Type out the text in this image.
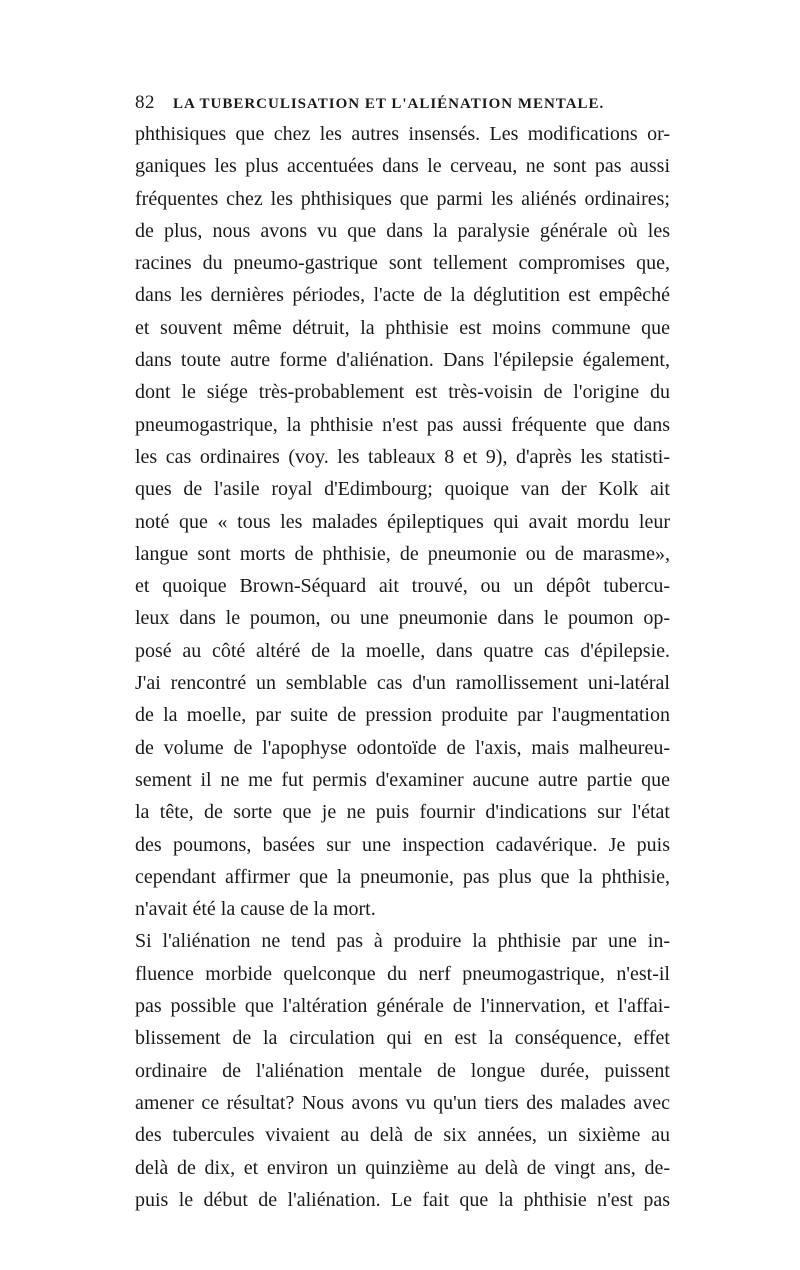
82 LA TUBERCULISATION ET L'ALIÉNATION MENTALE.
phthisiques que chez les autres insensés. Les modifications or-
ganiques les plus accentuées dans le cerveau, ne sont pas aussi
fréquentes chez les phthisiques que parmi les aliénés ordinaires;
de plus, nous avons vu que dans la paralysie générale où les
racines du pneumo-gastrique sont tellement compromises que,
dans les dernières périodes, l'acte de la déglutition est empêché
et souvent même détruit, la phthisie est moins commune que
dans toute autre forme d'aliénation. Dans l'épilepsie également,
dont le siége très-probablement est très-voisin de l'origine du
pneumogastrique, la phthisie n'est pas aussi fréquente que dans
les cas ordinaires (voy. les tableaux 8 et 9), d'après les statisti-
ques de l'asile royal d'Edimbourg; quoique van der Kolk ait
noté que « tous les malades épileptiques qui avait mordu leur
langue sont morts de phthisie, de pneumonie ou de marasme»,
et quoique Brown-Séquard ait trouvé, ou un dépôt tubercu-
leux dans le poumon, ou une pneumonie dans le poumon op-
posé au côté altéré de la moelle, dans quatre cas d'épilepsie.
J'ai rencontré un semblable cas d'un ramollissement uni-latéral
de la moelle, par suite de pression produite par l'augmentation
de volume de l'apophyse odontoïde de l'axis, mais malheureu-
sement il ne me fut permis d'examiner aucune autre partie que
la tête, de sorte que je ne puis fournir d'indications sur l'état
des poumons, basées sur une inspection cadavérique. Je puis
cependant affirmer que la pneumonie, pas plus que la phthisie,
n'avait été la cause de la mort.
Si l'aliénation ne tend pas à produire la phthisie par une in-
fluence morbide quelconque du nerf pneumogastrique, n'est-il
pas possible que l'altération générale de l'innervation, et l'affai-
blissement de la circulation qui en est la conséquence, effet
ordinaire de l'aliénation mentale de longue durée, puissent
amener ce résultat? Nous avons vu qu'un tiers des malades avec
des tubercules vivaient au delà de six années, un sixième au
delà de dix, et environ un quinzième au delà de vingt ans, de-
puis le début de l'aliénation. Le fait que la phthisie n'est pas
